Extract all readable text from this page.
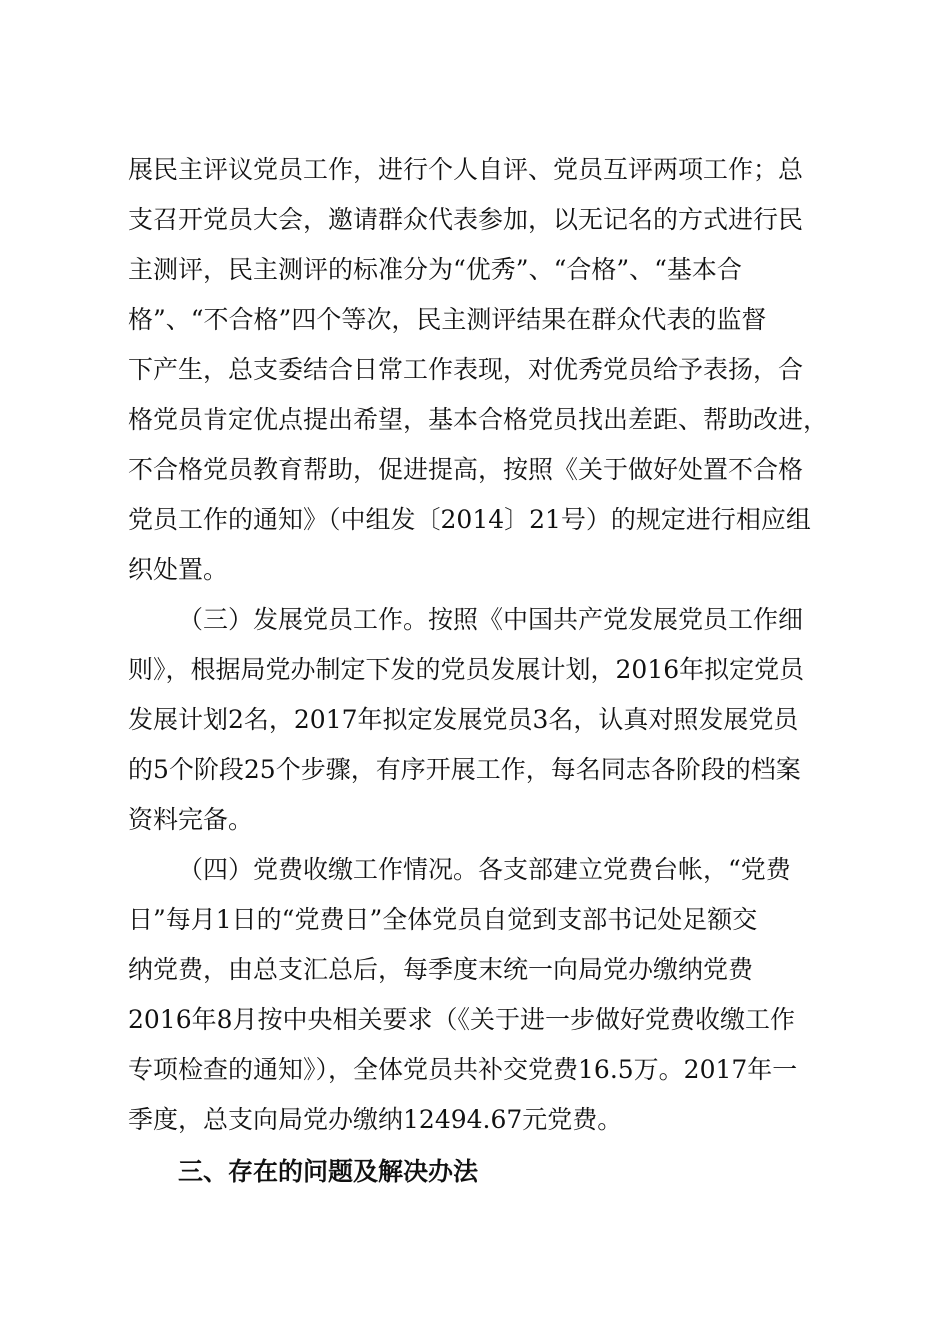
展民主评议党员工作，进行个人自评、党员互评两项工作；总
支召开党员大会，邀请群众代表参加，以无记名的方式进行民
主测评，民主测评的标准分为“优秀”、“合格”、“基本合
格”、“不合格”四个等次，民主测评结果在群众代表的监督
下产生，总支委结合日常工作表现，对优秀党员给予表扬，合
格党员肯定优点提出希望，基本合格党员找出差距、帮助改进，
不合格党员教育帮助，促进提高，按照《关于做好处置不合格
党员工作的通知》（中组发〔2014〕21号）的规定进行相应组
织处置。
（三）发展党员工作。按照《中国共产党发展党员工作细
则》，根据局党办制定下发的党员发展计划，2016年拟定党员
发展计划2名，2017年拟定发展党员3名，认真对照发展党员
的5个阶段25个步骤，有序开展工作，每名同志各阶段的档案
资料完备。
（四）党费收缴工作情况。各支部建立党费台帐，“党费
日”每月1日的“党费日”全体党员自觉到支部书记处足额交
纳党费，由总支汇总后，每季度末统一向局党办缴纳党费
2016年8月按中央相关要求（《关于进一步做好党费收缴工作
专项检查的通知》），全体党员共补交党费16.5万。2017年一
季度，总支向局党办缴纳12494.67元党费。
三、存在的问题及解决办法
